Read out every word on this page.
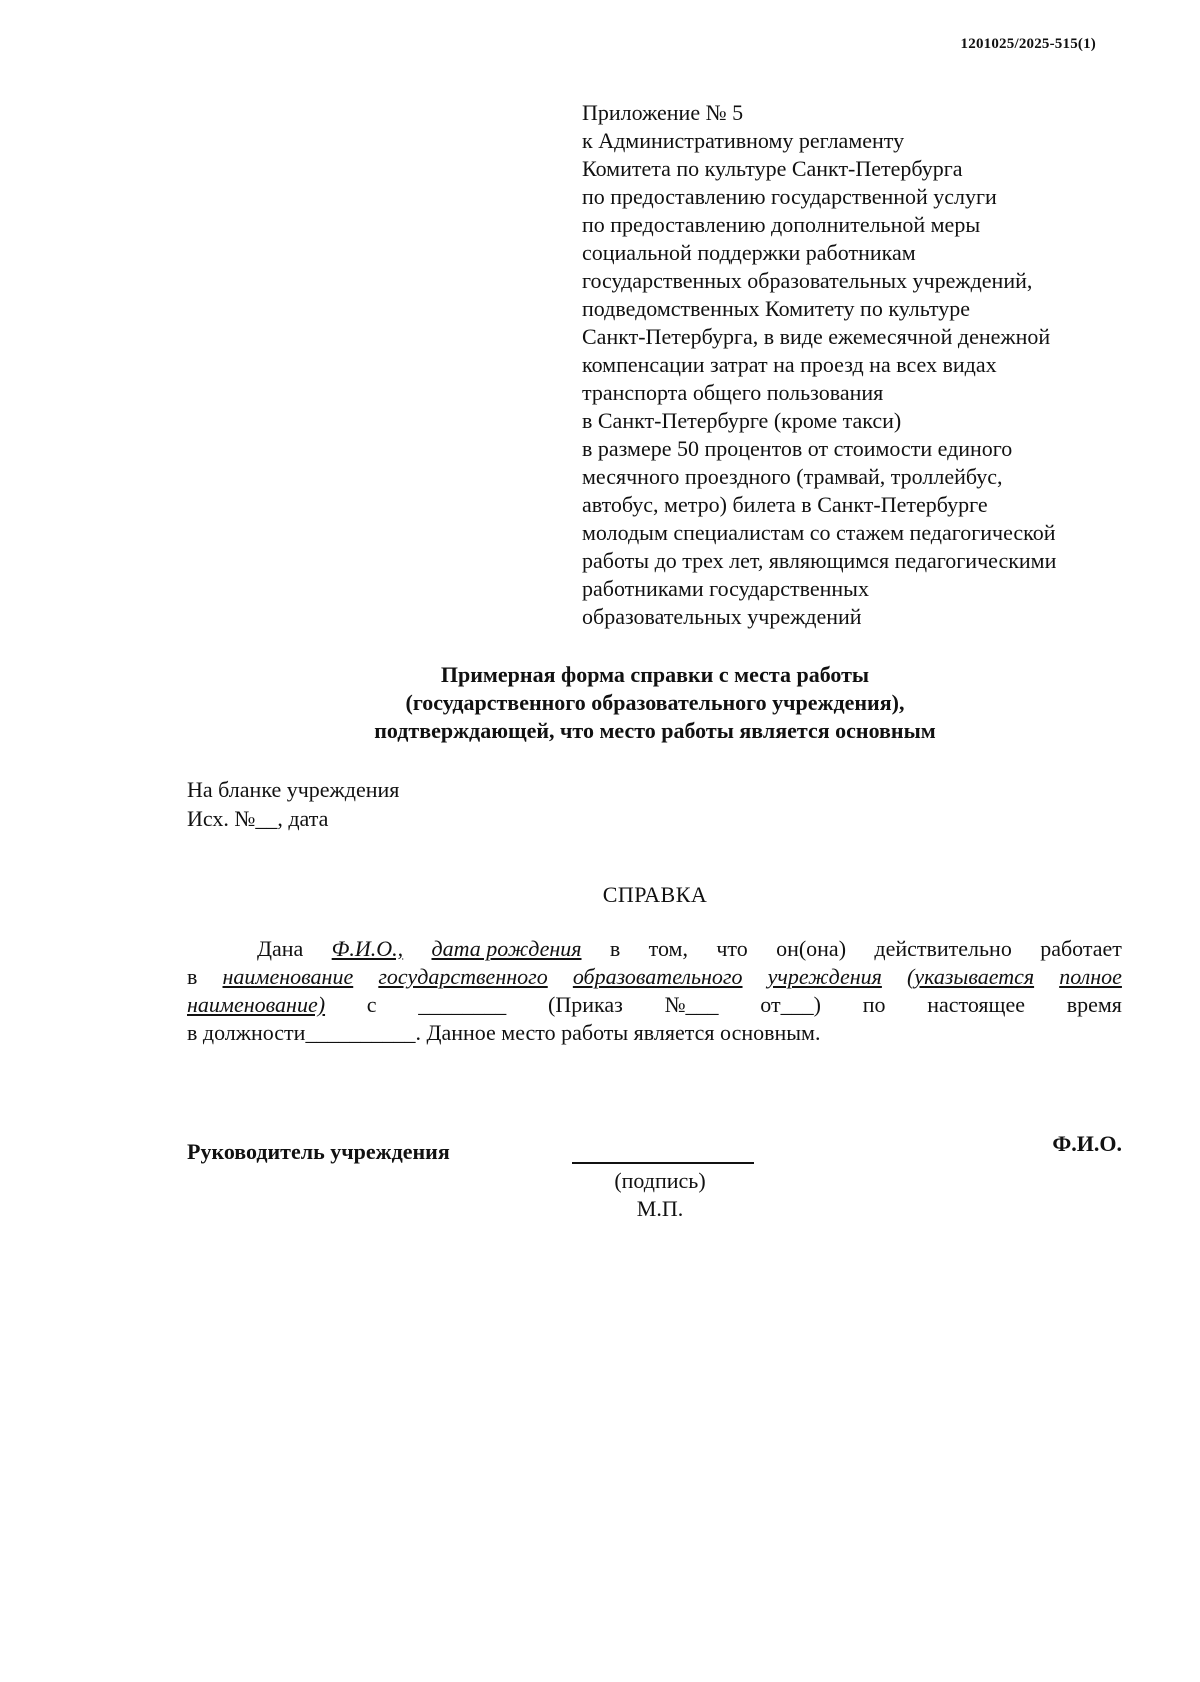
1201025/2025-515(1)
Приложение № 5
к Административному регламенту
Комитета по культуре Санкт-Петербурга
по предоставлению государственной услуги
по предоставлению дополнительной меры
социальной поддержки работникам
государственных образовательных учреждений,
подведомственных Комитету по культуре
Санкт-Петербурга, в виде ежемесячной денежной
компенсации затрат на проезд на всех видах
транспорта общего пользования
в Санкт-Петербурге (кроме такси)
в размере 50 процентов от стоимости единого
месячного проездного (трамвай, троллейбус,
автобус, метро) билета в Санкт-Петербурге
молодым специалистам со стажем педагогической
работы до трех лет, являющимся педагогическими
работниками государственных
образовательных учреждений
Примерная форма справки с места работы
(государственного образовательного учреждения),
подтверждающей, что место работы является основным
На бланке учреждения
Исх. №__, дата
СПРАВКА
Дана Ф.И.О., дата рождения в том, что он(она) действительно работает
в наименование государственного образовательного учреждения (указывается полное
наименование) с ________ (Приказ №___ от___) по настоящее время
в должности__________. Данное место работы является основным.
Руководитель учреждения	Ф.И.О.
(подпись)
М.П.
